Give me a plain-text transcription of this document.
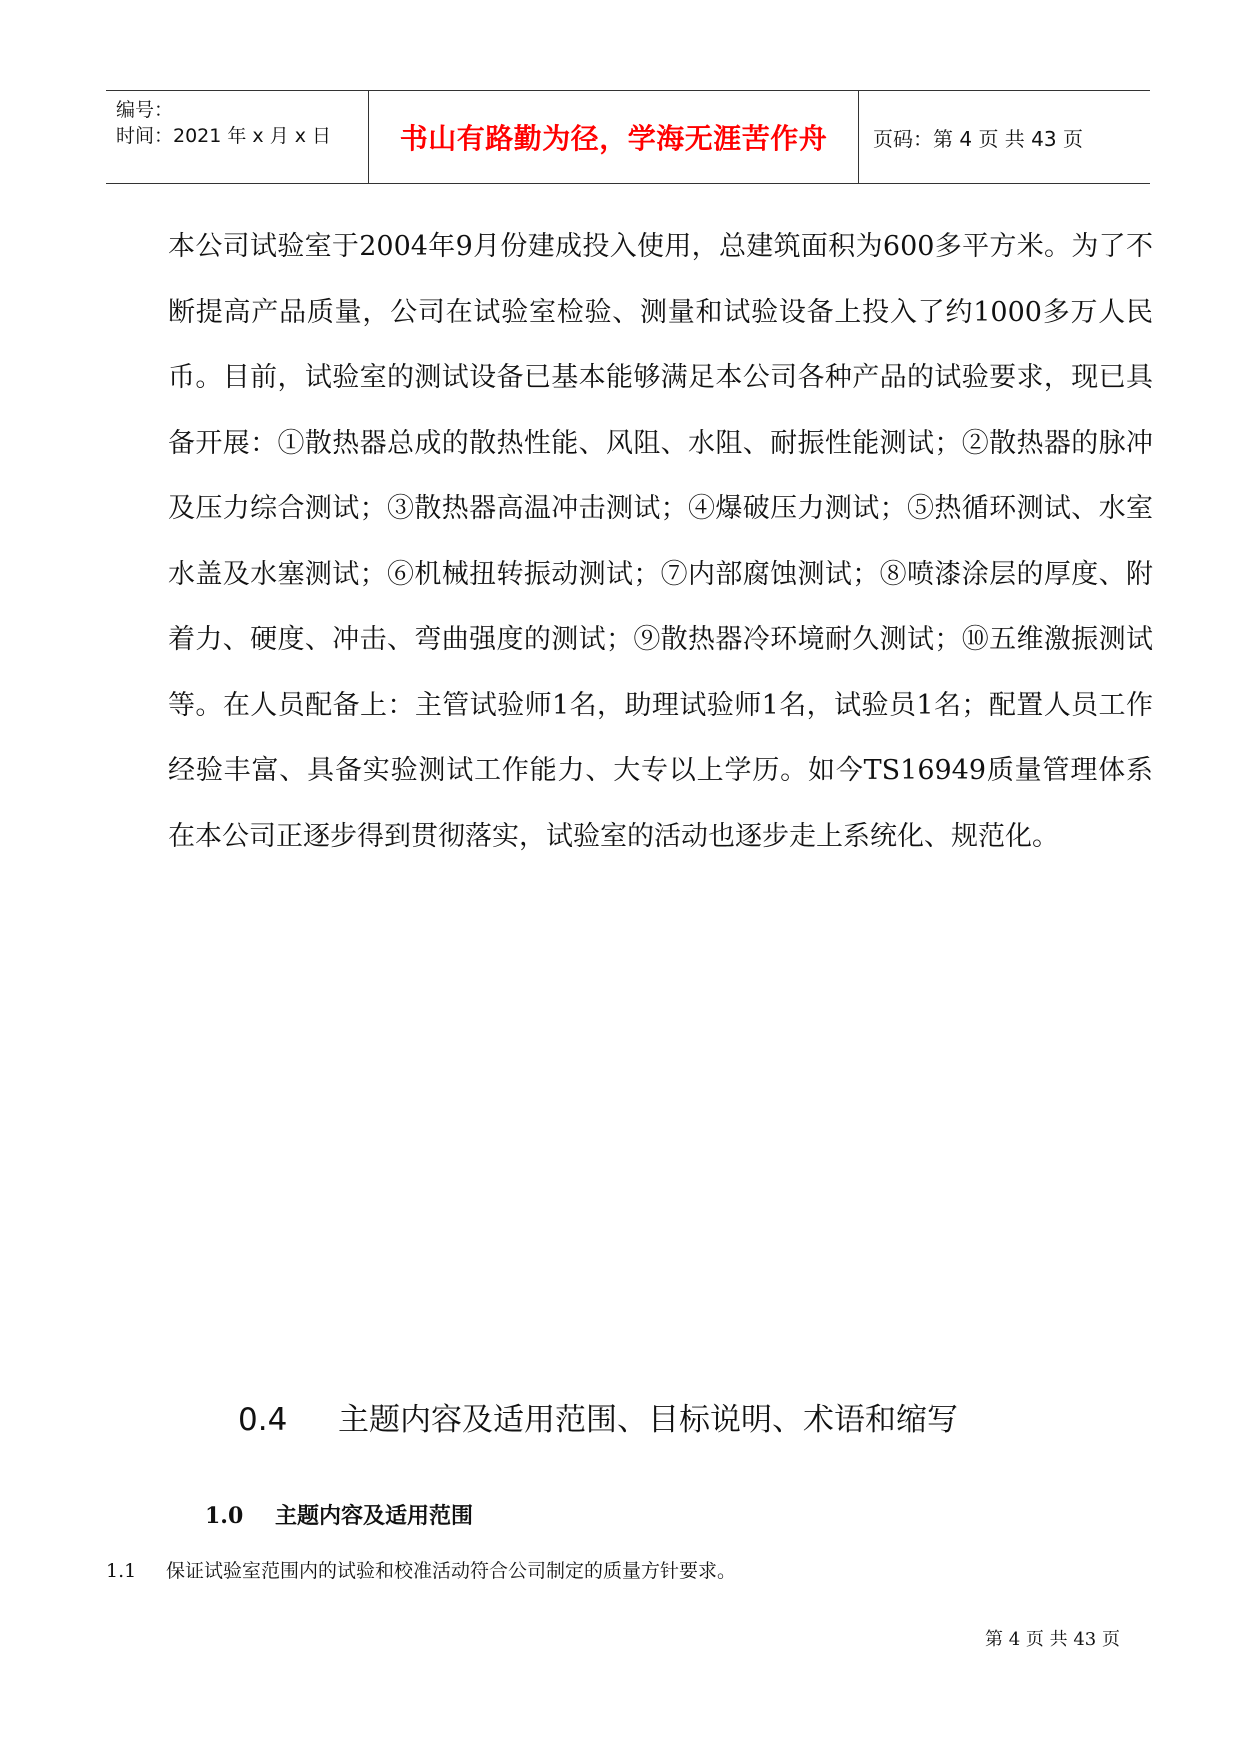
编号：
时间：2021 年 x 月 x 日	书山有路勤为径，学海无涯苦作舟	页码：第 4 页 共 43 页

本公司试验室于2004年9月份建成投入使用，总建筑面积为600多平方米。为了不断提高产品质量，公司在试验室检验、测量和试验设备上投入了约1000多万人民币。目前，试验室的测试设备已基本能够满足本公司各种产品的试验要求，现已具备开展：①散热器总成的散热性能、风阻、水阻、耐振性能测试；②散热器的脉冲及压力综合测试；③散热器高温冲击测试；④爆破压力测试；⑤热循环测试、水室水盖及水塞测试；⑥机械扭转振动测试；⑦内部腐蚀测试；⑧喷漆涂层的厚度、附着力、硬度、冲击、弯曲强度的测试；⑨散热器冷环境耐久测试；⑩五维激振测试等。在人员配备上：主管试验师1名，助理试验师1名，试验员1名；配置人员工作经验丰富、具备实验测试工作能力、大专以上学历。如今TS16949质量管理体系在本公司正逐步得到贯彻落实，试验室的活动也逐步走上系统化、规范化。

0.4 主题内容及适用范围、目标说明、术语和缩写
1.0 主题内容及适用范围
1.1 保证试验室范围内的试验和校准活动符合公司制定的质量方针要求。
第 4 页 共 43 页
